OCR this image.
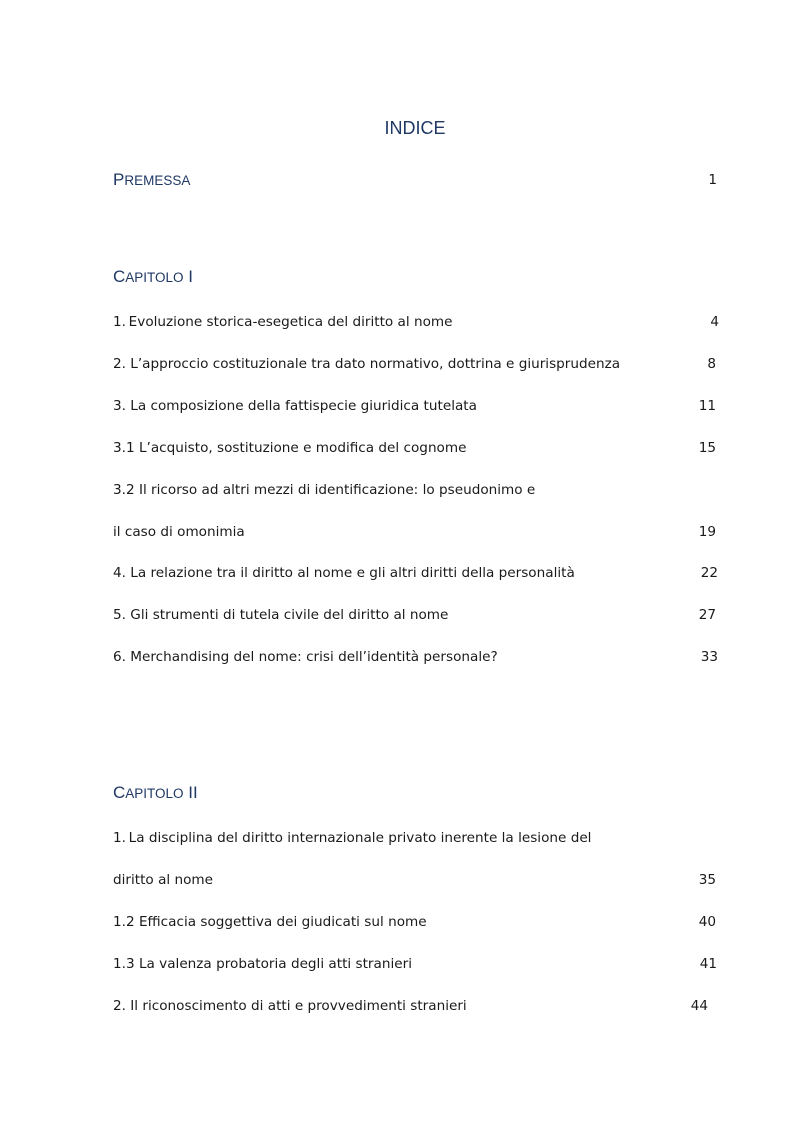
INDICE
PREMESSA	1
CAPITOLO I
1. Evoluzione storica-esegetica del diritto al nome	4
2. L’approccio costituzionale tra dato normativo, dottrina e giurisprudenza	8
3. La composizione della fattispecie giuridica tutelata	11
3.1 L’acquisto, sostituzione e modifica del cognome	15
3.2 Il ricorso ad altri mezzi di identificazione: lo pseudonimo e
il caso di omonimia	19
4. La relazione tra il diritto al nome e gli altri diritti della personalità	22
5. Gli strumenti di tutela civile del diritto al nome	27
6. Merchandising del nome: crisi dell’identità personale?	33
CAPITOLO II
1. La disciplina del diritto internazionale privato inerente la lesione del
diritto al nome	35
1.2 Efficacia soggettiva dei giudicati sul nome	40
1.3 La valenza probatoria degli atti stranieri	41
2. Il riconoscimento di atti e provvedimenti stranieri	44
